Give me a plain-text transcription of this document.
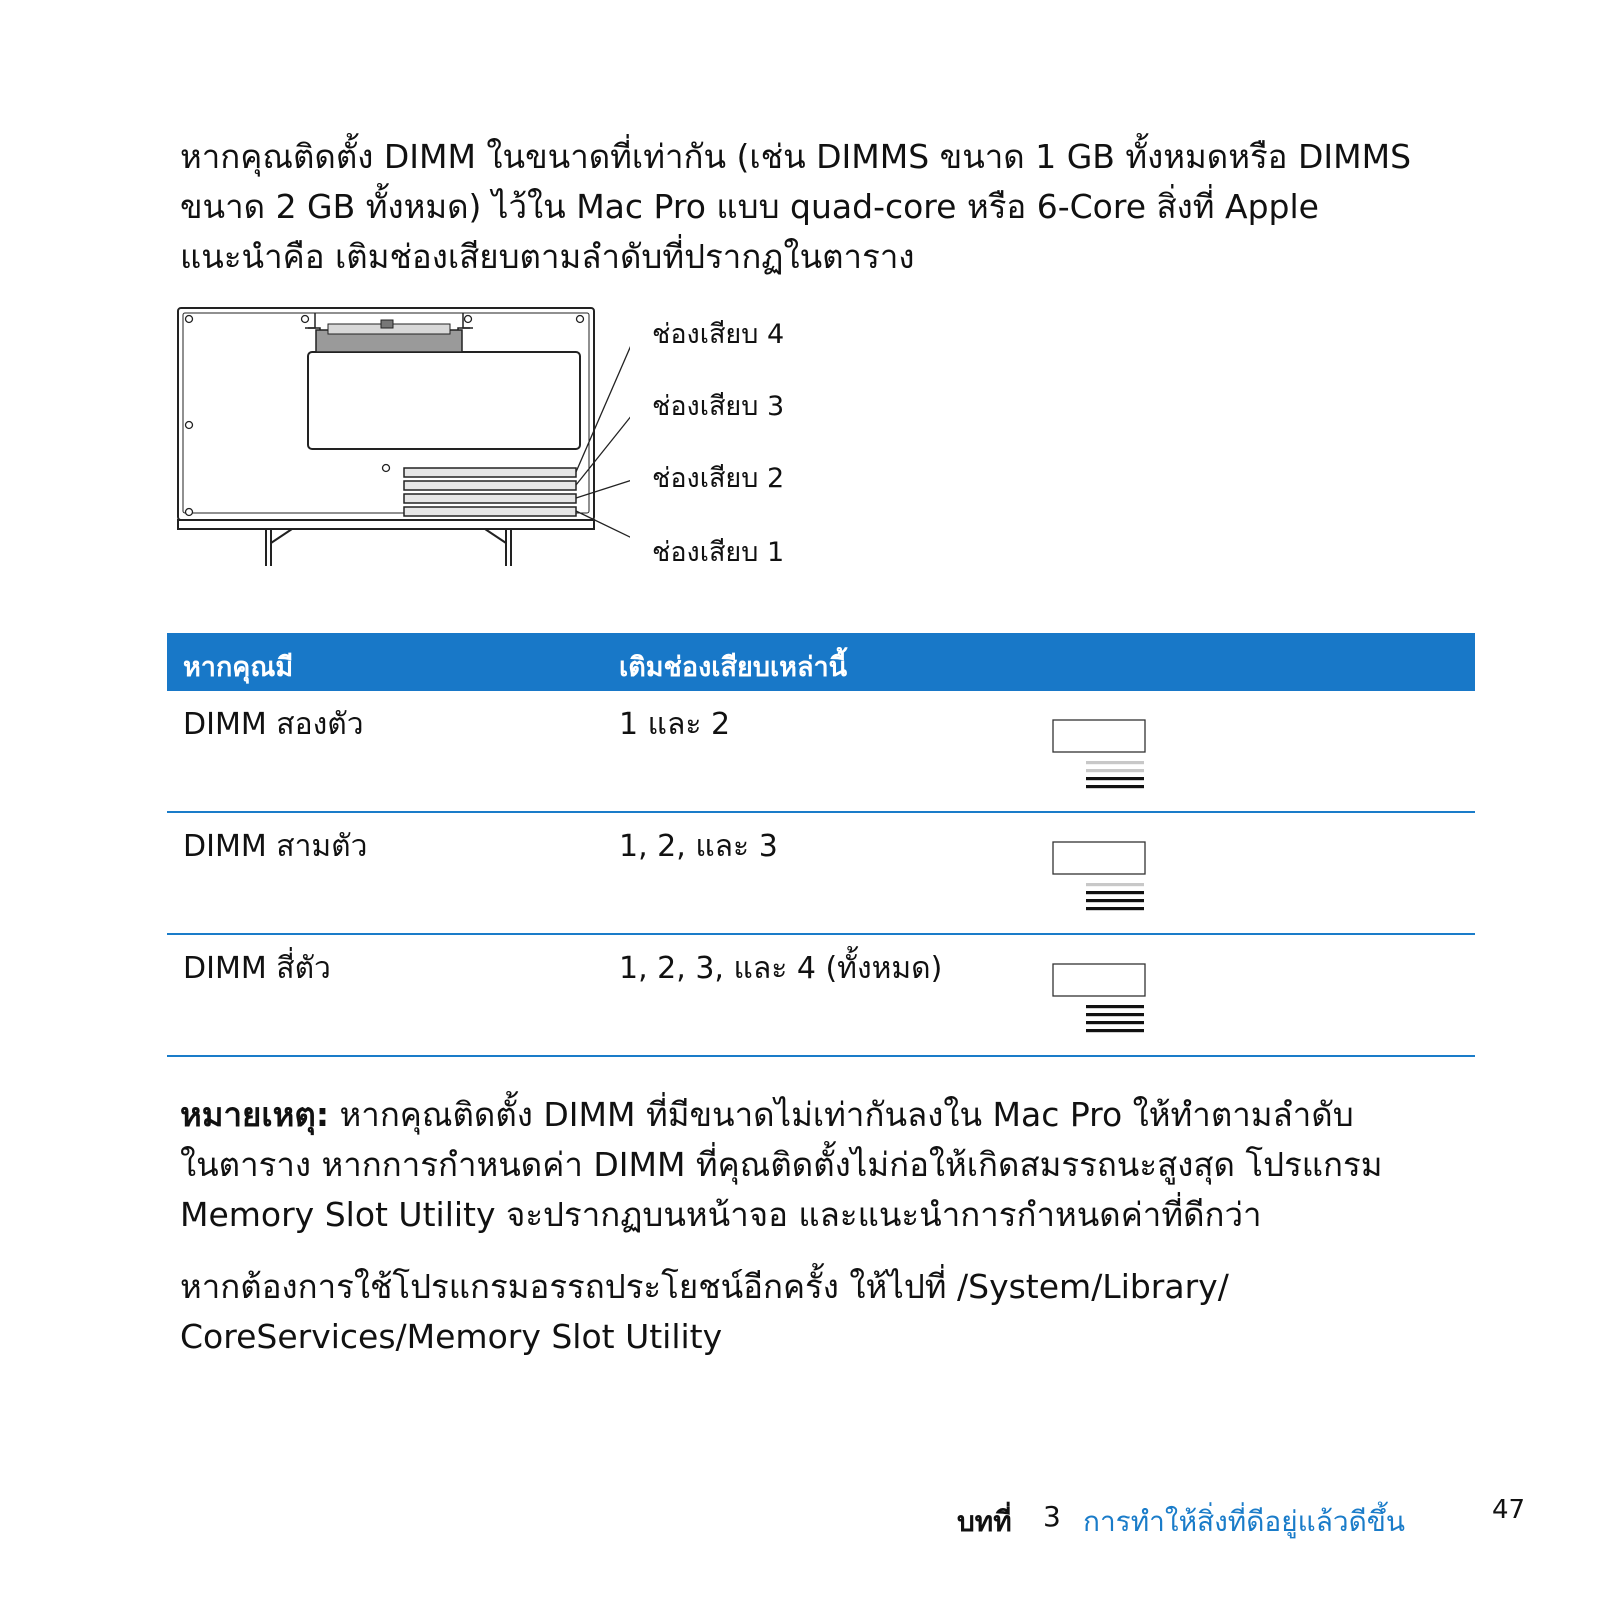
หากคุณติดตั้ง DIMM ในขนาดที่เท่ากัน (เช่น DIMMS ขนาด 1 GB ทั้งหมดหรือ DIMMS
ขนาด 2 GB ทั้งหมด) ไว้ใน Mac Pro แบบ quad-core หรือ 6-Core สิ่งที่ Apple
แนะนำคือ เติมช่องเสียบตามลำดับที่ปรากฏในตาราง
ช่องเสียบ 4
ช่องเสียบ 3
ช่องเสียบ 2
ช่องเสียบ 1
หากคุณมี	เติมช่องเสียบเหล่านี้
DIMM สองตัว	1 และ 2
DIMM สามตัว	1, 2, และ 3
DIMM สี่ตัว	1, 2, 3, และ 4 (ทั้งหมด)
หมายเหตุ: หากคุณติดตั้ง DIMM ที่มีขนาดไม่เท่ากันลงใน Mac Pro ให้ทำตามลำดับ
ในตาราง หากการกำหนดค่า DIMM ที่คุณติดตั้งไม่ก่อให้เกิดสมรรถนะสูงสุด โปรแกรม
Memory Slot Utility จะปรากฏบนหน้าจอ และแนะนำการกำหนดค่าที่ดีกว่า
หากต้องการใช้โปรแกรมอรรถประโยชน์อีกครั้ง ให้ไปที่ /System/Library/
CoreServices/Memory Slot Utility
บทที่ 3 การทำให้สิ่งที่ดีอยู่แล้วดีขึ้น	47
